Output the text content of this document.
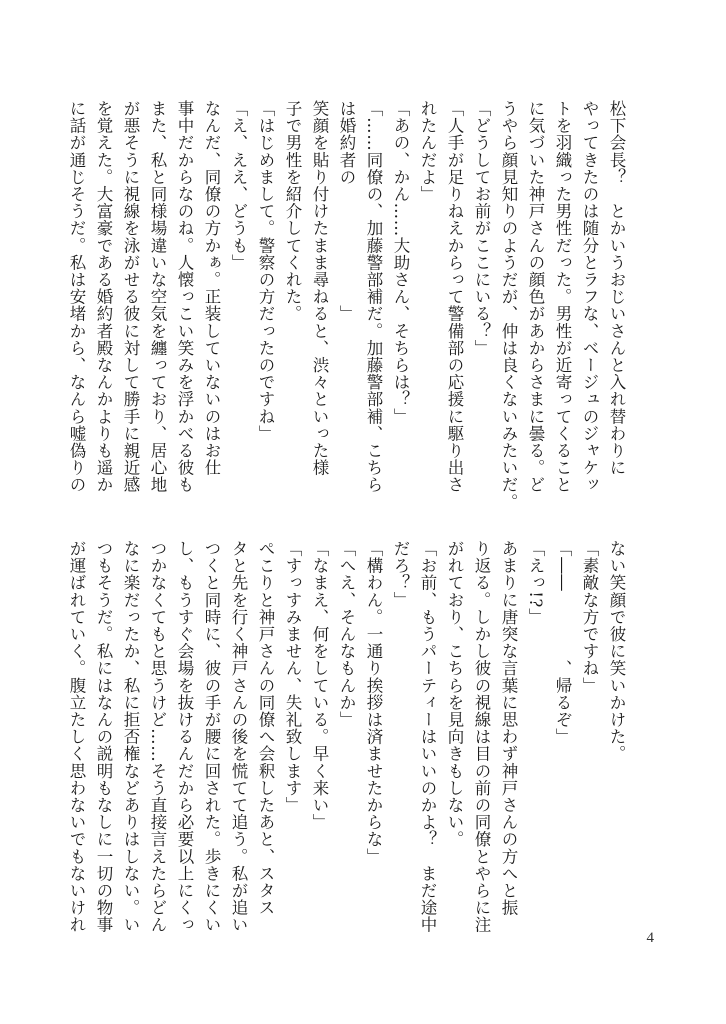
松下会長？　とかいうおじいさんと入れ替わりに
やってきたのは随分とラフな、ベージュのジャケッ
トを羽織った男性だった。男性が近寄ってくること
に気づいた神戸さんの顔色があからさまに曇る。ど
うやら顔見知りのようだが、仲は良くないみたいだ。
「どうしてお前がここにいる？」
「人手が足りねえからって警備部の応援に駆り出さ
れたんだよ」
「あの、かん……大助さん、そちらは？」
「……同僚の、加藤警部補だ。加藤警部補、こちら
は婚約者の　　　　　　　」
笑顔を貼り付けたまま尋ねると、渋々といった様
子で男性を紹介してくれた。
「はじめまして。警察の方だったのですね」
「え、ええ、どうも」
なんだ、同僚の方かぁ。正装していないのはお仕
事中だからなのね。人懐っこい笑みを浮かべる彼も
また、私と同様場違いな空気を纏っており、居心地
が悪そうに視線を泳がせる彼に対して勝手に親近感
を覚えた。大富豪である婚約者殿なんかよりも遥か
に話が通じそうだ。私は安堵から、なんら嘘偽りの
ない笑顔で彼に笑いかけた。
「素敵な方ですね」
「――　　　　、帰るぞ」
「えっ!?」
あまりに唐突な言葉に思わず神戸さんの方へと振
り返る。しかし彼の視線は目の前の同僚とやらに注
がれており、こちらを見向きもしない。
「お前、もうパーティーはいいのかよ？　まだ途中
だろ？」
「構わん。一通り挨拶は済ませたからな」
「へえ、そんなもんか」
「なまえ、何をしている。早く来い」
「すっすみません、失礼致します」
ぺこりと神戸さんの同僚へ会釈したあと、スタス
タと先を行く神戸さんの後を慌てて追う。私が追い
つくと同時に、彼の手が腰に回された。歩きにくい
し、もうすぐ会場を抜けるんだから必要以上にくっ
つかなくてもと思うけど……そう直接言えたらどん
なに楽だったか、私に拒否権などありはしない。い
つもそうだ。私にはなんの説明もなしに一切の物事
が運ばれていく。腹立たしく思わないでもないけれ
4
